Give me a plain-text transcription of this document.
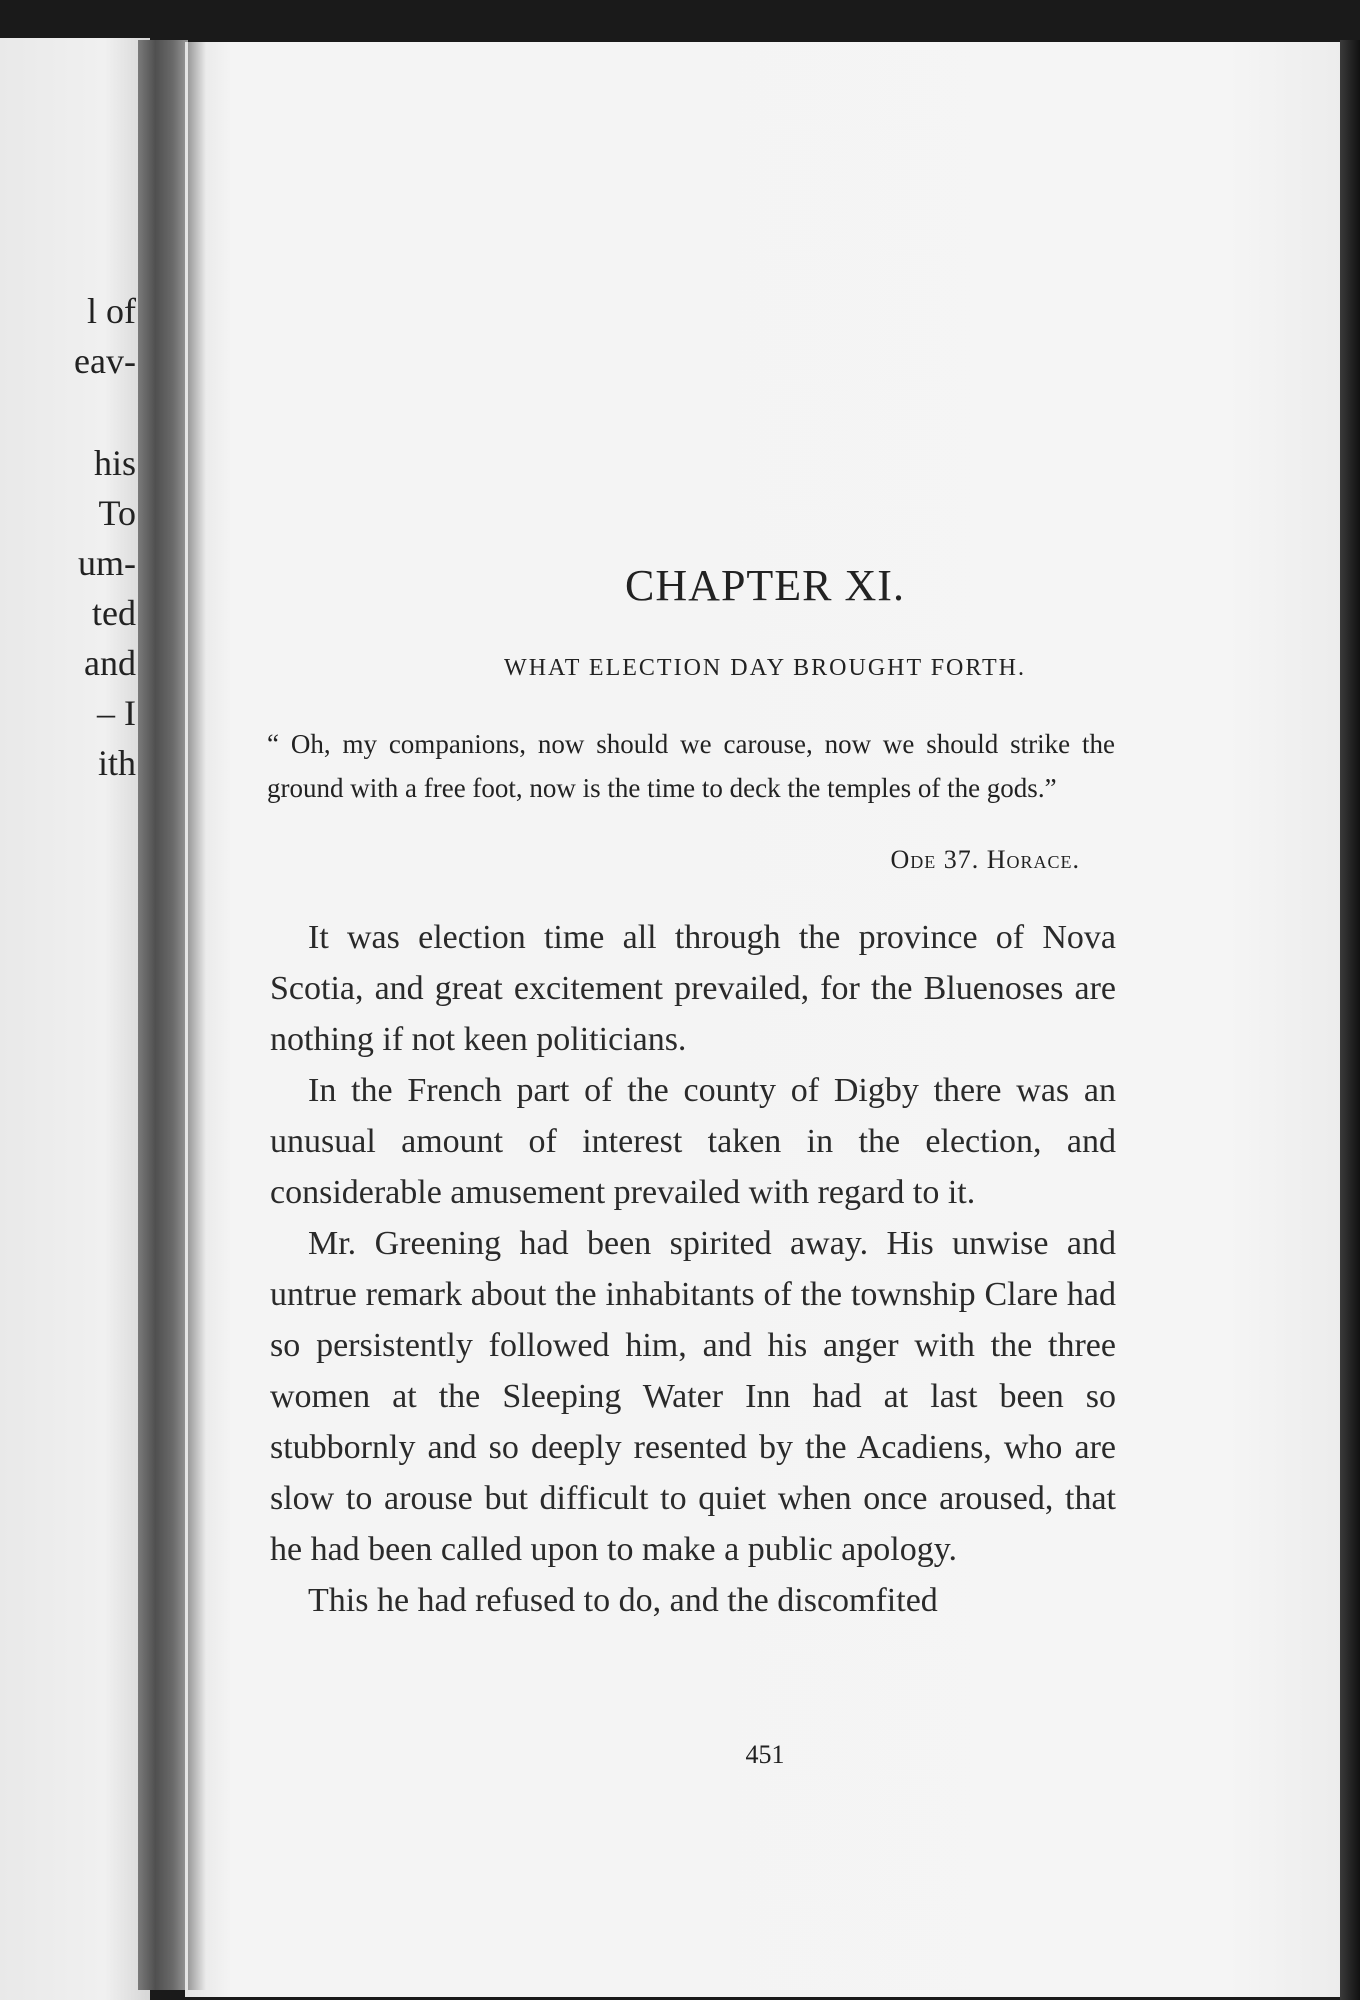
l of
eav-
his
To
um-
ted
and
– I
ith
CHAPTER XI.
WHAT ELECTION DAY BROUGHT FORTH.
“ Oh, my companions, now should we carouse, now we should strike the ground with a free foot, now is the time to deck the temples of the gods.”
Ode 37. Horace.

It was election time all through the province of Nova Scotia, and great excitement prevailed, for the Bluenoses are nothing if not keen politicians.

In the French part of the county of Digby there was an unusual amount of interest taken in the election, and considerable amusement prevailed with regard to it.

Mr. Greening had been spirited away. His unwise and untrue remark about the inhabitants of the township Clare had so persistently followed him, and his anger with the three women at the Sleeping Water Inn had at last been so stubbornly and so deeply resented by the Acadiens, who are slow to arouse but difficult to quiet when once aroused, that he had been called upon to make a public apology.

This he had refused to do, and the discomfited

451
